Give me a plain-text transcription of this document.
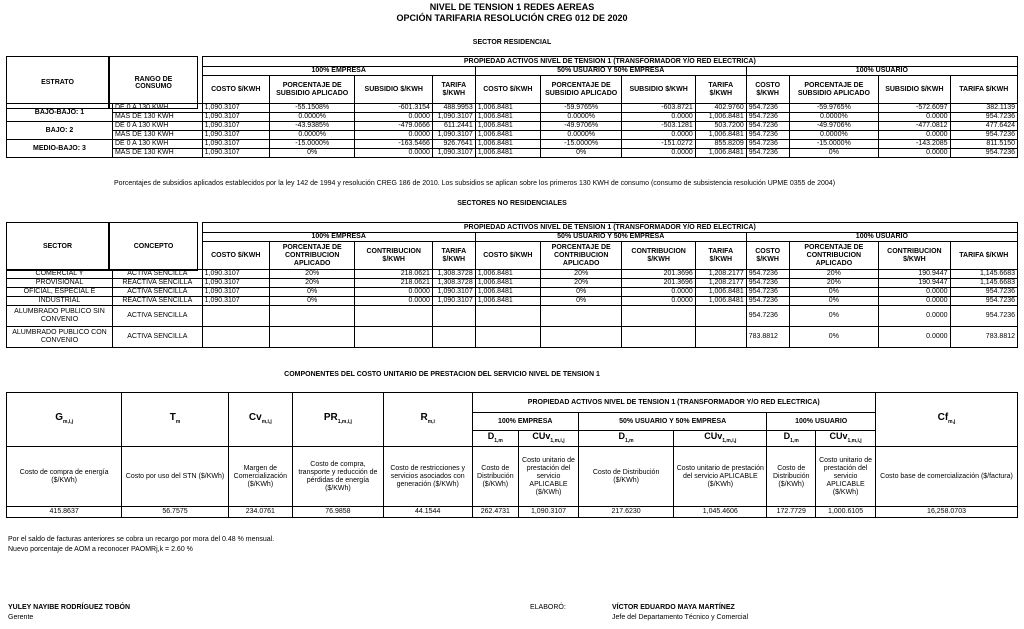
NIVEL DE TENSION 1 REDES AEREAS
OPCIÓN TARIFARIA RESOLUCIÓN CREG 012 DE 2020
SECTOR RESIDENCIAL
		PROPIEDAD ACTIVOS NIVEL DE TENSION 1 (TRANSFORMADOR Y/O RED ELECTRICA)											
		100% EMPRESA				50% USUARIO Y 50% EMPRESA				100% USUARIO			
		COSTO $/KWH	PORCENTAJE DE SUBSIDIO APLICADO	SUBSIDIO $/KWH	TARIFA $/KWH	COSTO $/KWH	PORCENTAJE DE SUBSIDIO APLICADO	SUBSIDIO $/KWH	TARIFA $/KWH	COSTO $/KWH	PORCENTAJE DE SUBSIDIO APLICADO	SUBSIDIO $/KWH	TARIFA $/KWH
BAJO-BAJO: 1	DE 0 A 130 KWH	1,090.3107	-55.1508%	-601.3154	488.9953	1,006.8481	-59.9765%	-603.8721	402.9760	954.7236	-59.9765%	-572.6097	382.1139
	MAS DE 130 KWH	1,090.3107	0.0000%	0.0000	1,090.3107	1,006.8481	0.0000%	0.0000	1,006.8481	954.7236	0.0000%	0.0000	954.7236
BAJO: 2	DE 0 A 130 KWH	1,090.3107	-43.9385%	-479.0666	611.2441	1,006.8481	-49.9706%	-503.1281	503.7200	954.7236	-49.9706%	-477.0812	477.6424
	MAS DE 130 KWH	1,090.3107	0.0000%	0.0000	1,090.3107	1,006.8481	0.0000%	0.0000	1,006.8481	954.7236	0.0000%	0.0000	954.7236
MEDIO-BAJO: 3	DE 0 A 130 KWH	1,090.3107	-15.0000%	-163.5466	926.7641	1,006.8481	-15.0000%	-151.0272	855.8209	954.7236	-15.0000%	-143.2085	811.5150
	MAS DE 130 KWH	1,090.3107	0%	0.0000	1,090.3107	1,006.8481	0%	0.0000	1,006.8481	954.7236	0%	0.0000	954.7236
ESTRATO	RANGO DE CONSUMO
Porcentajes de subsidios aplicados establecidos por la ley 142 de 1994 y resolución CREG 186 de 2010. Los subsidios se aplican sobre los primeros 130 KWH de consumo (consumo de subsistencia resolución UPME 0355 de 2004)
SECTORES NO RESIDENCIALES
		PROPIEDAD ACTIVOS NIVEL DE TENSION 1 (TRANSFORMADOR Y/O RED ELECTRICA)											
		100% EMPRESA				50% USUARIO Y 50% EMPRESA				100% USUARIO			
		COSTO $/KWH	PORCENTAJE DE CONTRIBUCION APLICADO	CONTRIBUCION $/KWH	TARIFA $/KWH	COSTO $/KWH	PORCENTAJE DE CONTRIBUCION APLICADO	CONTRIBUCION $/KWH	TARIFA $/KWH	COSTO $/KWH	PORCENTAJE DE CONTRIBUCION APLICADO	CONTRIBUCION $/KWH	TARIFA $/KWH
COMERCIAL Y	ACTIVA SENCILLA	1,090.3107	20%	218.0621	1,308.3728	1,006.8481	20%	201.3696	1,208.2177	954.7236	20%	190.9447	1,145.6683
PROVISIONAL	REACTIVA SENCILLA	1,090.3107	20%	218.0621	1,308.3728	1,006.8481	20%	201.3696	1,208.2177	954.7236	20%	190.9447	1,145.6683
OFICIAL, ESPECIAL E	ACTIVA SENCILLA	1,090.3107	0%	0.0000	1,090.3107	1,006.8481	0%	0.0000	1,006.8481	954.7236	0%	0.0000	954.7236
INDUSTRIAL	REACTIVA SENCILLA	1,090.3107	0%	0.0000	1,090.3107	1,006.8481	0%	0.0000	1,006.8481	954.7236	0%	0.0000	954.7236
ALUMBRADO PUBLICO SIN CONVENIO	ACTIVA SENCILLA									954.7236	0%	0.0000	954.7236
ALUMBRADO PUBLICO CON CONVENIO	ACTIVA SENCILLA									783.8812	0%	0.0000	783.8812
SECTOR	CONCEPTO
COMPONENTES DEL COSTO UNITARIO DE PRESTACION DEL SERVICIO NIVEL DE TENSION 1
$G_{m,i,j}$	$T_m$	$Cv_{m,i,j}$	$PR_{1,m,i,j}$	$R_{m,i}$	PROPIEDAD ACTIVOS NIVEL DE TENSION 1 (TRANSFORMADOR Y/O RED ELECTRICA)						$Cf_{m,j}$
					100% EMPRESA		50% USUARIO Y 50% EMPRESA		100% USUARIO		
					$D_{1,m}$	CUv$_{1,m,i,j}$	$D_{1,m}$	CUv$_{1,m,i,j}$	$D_{1,m}$	CUv$_{1,m,i,j}$
Costo de compra de energía ($/KWh)	Costo por uso del STN ($/KWh)	Margen de Comercialización ($/KWh)	Costo de compra, transporte y reducción de pérdidas de energía ($/KWh)	Costo de restricciones y servicios asociados con generación ($/KWh)	Costo de Distribución ($/KWh)	Costo unitario de prestación del servicio APLICABLE ($/KWh)	Costo de Distribución ($/KWh)	Costo unitario de prestación del servicio APLICABLE ($/KWh)	Costo de Distribución ($/KWh)	Costo unitario de prestación del servicio APLICABLE ($/KWh)	Costo base de comercialización ($/factura)
415.8637	56.7575	234.0761	76.9858	44.1544	262.4731	1,090.3107	217.6230	1,045.4606	172.7729	1,000.6105	16,258.0703
Por el saldo de facturas anteriores se cobra un recargo por mora del 0.48 % mensual.
Nuevo porcentaje de AOM a reconocer PAOMRj,k = 2.60 %
YULEY NAYIBE RODRÍGUEZ TOBÓN
Gerente
ELABORÓ:	VÍCTOR EDUARDO MAYA MARTÍNEZ
Jefe del Departamento Técnico y Comercial
